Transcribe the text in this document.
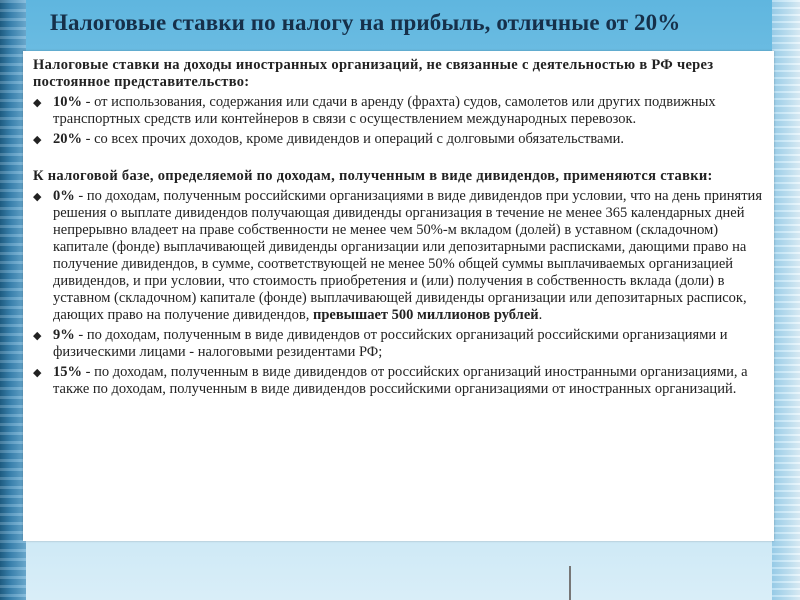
Налоговые ставки по налогу на прибыль, отличные от 20%

Налоговые ставки на доходы иностранных организаций, не связанные с деятельностью в РФ через постоянное представительство:

◆ 10% - от использования, содержания или сдачи в аренду (фрахта) судов, самолетов или других подвижных транспортных средств или контейнеров в связи с осуществлением международных перевозок.
◆ 20% - со всех прочих доходов, кроме дивидендов и операций с долговыми обязательствами.

К налоговой базе, определяемой по доходам, полученным в виде дивидендов, применяются ставки:

◆ 0% - по доходам, полученным российскими организациями в виде дивидендов при условии, что на день принятия решения о выплате дивидендов получающая дивиденды организация в течение не менее 365 календарных дней непрерывно владеет на праве собственности не менее чем 50%-м вкладом (долей) в уставном (складочном) капитале (фонде) выплачивающей дивиденды организации или депозитарными расписками, дающими право на получение дивидендов, в сумме, соответствующей не менее 50% общей суммы выплачиваемых организацией дивидендов, и при условии, что стоимость приобретения и (или) получения в собственность вклада (доли) в уставном (складочном) капитале (фонде) выплачивающей дивиденды организации или депозитарных расписок, дающих право на получение дивидендов, превышает 500 миллионов рублей.
◆ 9% - по доходам, полученным в виде дивидендов от российских организаций российскими организациями и физическими лицами - налоговыми резидентами РФ;
◆ 15% - по доходам, полученным в виде дивидендов от российских организаций иностранными организациями, а также по доходам, полученным в виде дивидендов российскими организациями от иностранных организаций.
